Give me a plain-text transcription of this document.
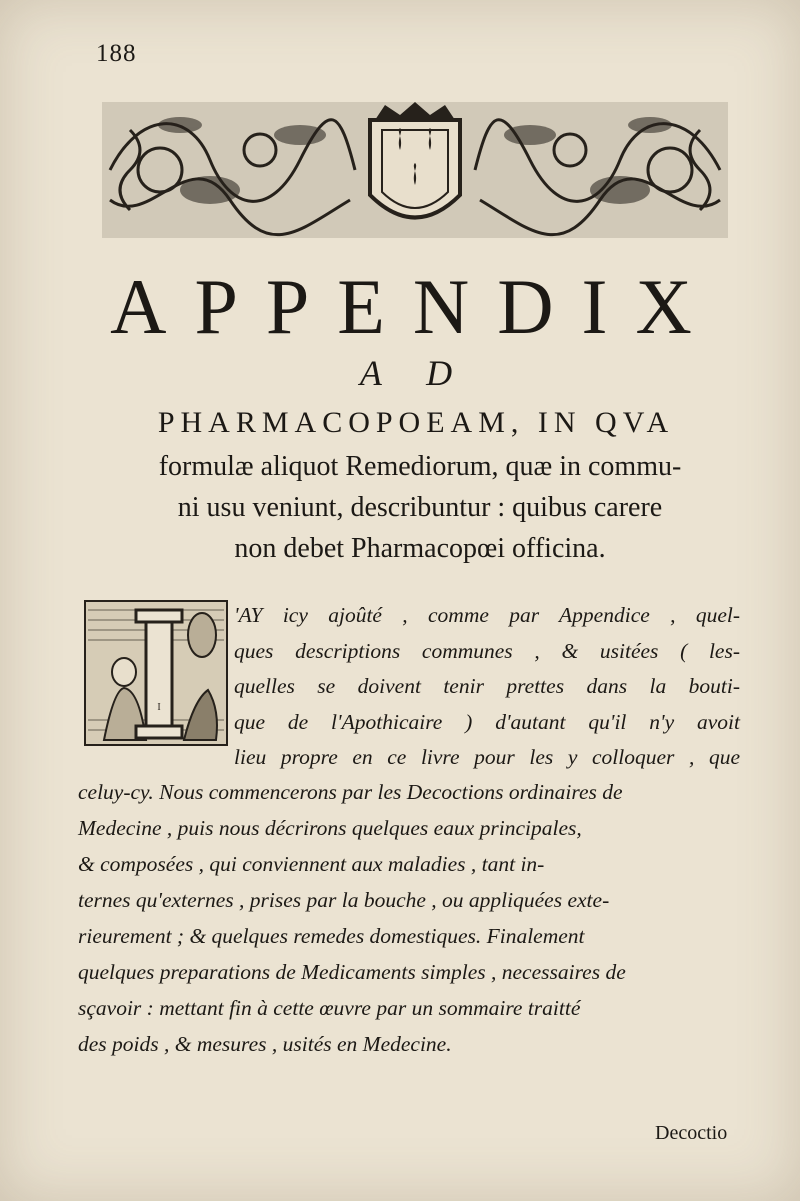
188
APPENDIX
A D
PHARMACOPOEAM, IN QVA
formulæ aliquot Remediorum, quæ in commu-
ni usu veniunt, describuntur : quibus carere
non debet Pharmacopœi officina.
I
'AY icy ajoûté , comme par Appendice , quel-
ques descriptions communes , & usitées ( les-
quelles se doivent tenir prettes dans la bouti-
que de l'Apothicaire ) d'autant qu'il n'y avoit
lieu propre en ce livre pour les y colloquer , que
celuy-cy. Nous commencerons par les Decoctions ordinaires de
Medecine , puis nous décrirons quelques eaux principales,
& composées , qui conviennent aux maladies , tant in-
ternes qu'externes , prises par la bouche , ou appliquées exte-
rieurement ; & quelques remedes domestiques. Finalement
quelques preparations de Medicaments simples , necessaires de
sçavoir : mettant fin à cette œuvre par un sommaire traitté
des poids , & mesures , usités en Medecine.
Decoctio
